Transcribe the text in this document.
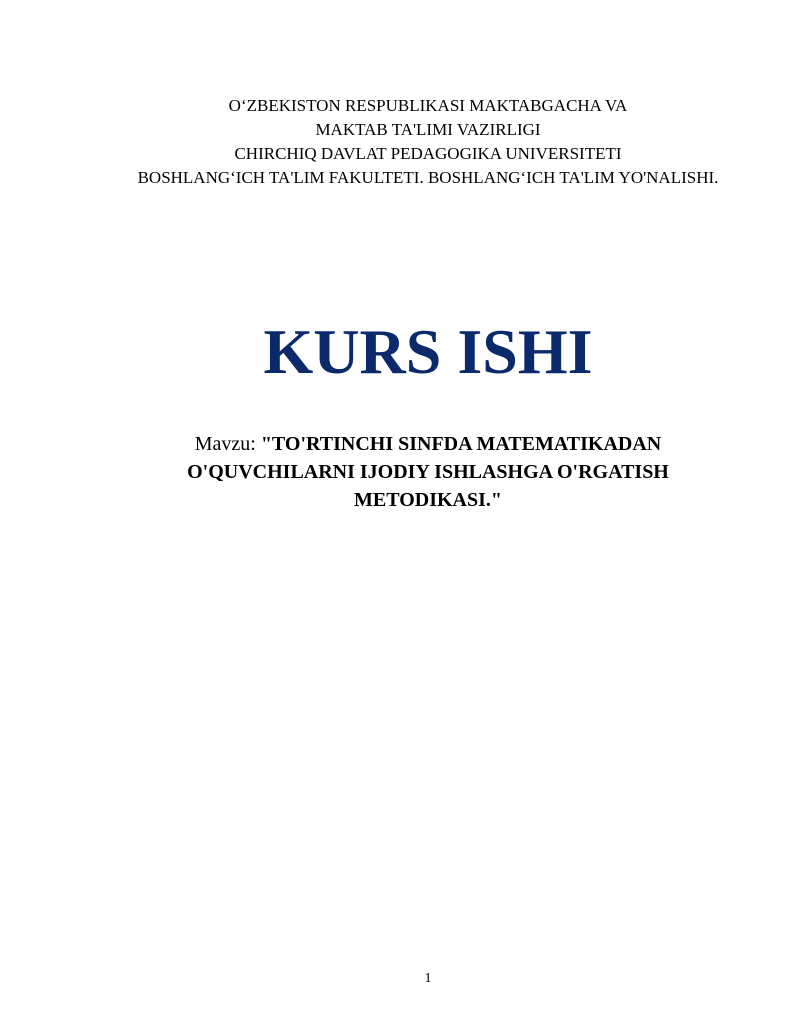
O‘ZBEKISTON RESPUBLIKASI MAKTABGACHA VA
MAKTAB TA'LIMI VAZIRLIGI
CHIRCHIQ DAVLAT PEDAGOGIKA UNIVERSITETI
BOSHLANG‘ICH TA'LIM FAKULTETI. BOSHLANG‘ICH TA'LIM YO'NALISHI.
KURS ISHI
Mavzu: "TO'RTINCHI SINFDA MATEMATIKADAN
O'QUVCHILARNI IJODIY ISHLASHGA O'RGATISH
METODIKASI."
1
